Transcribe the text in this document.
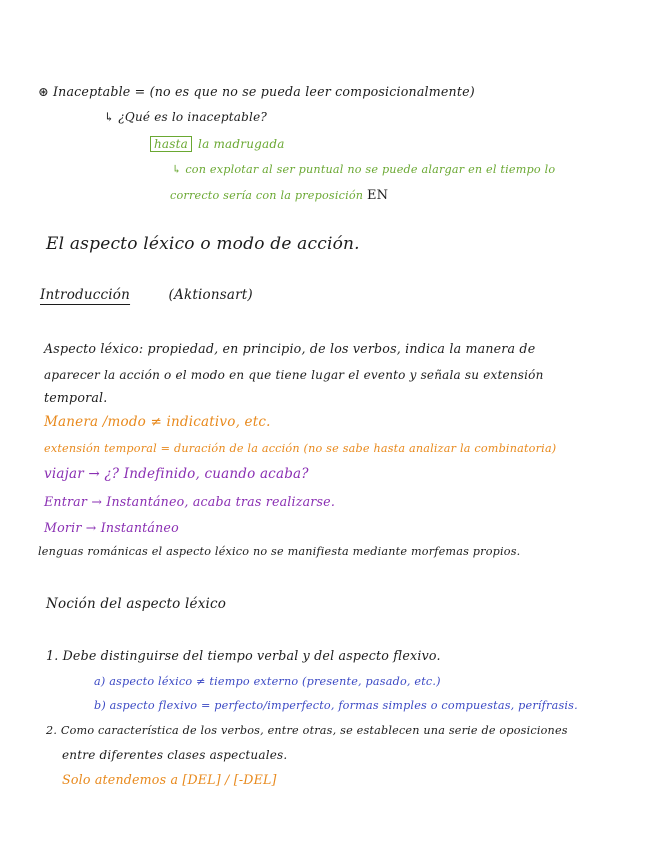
⊛ Inaceptable = (no es que no se pueda leer composicionalmente)
↳ ¿Qué es lo inaceptable?
hasta la madrugada
↳ con explotar al ser puntual no se puede alargar en el tiempo lo
correcto sería con la preposición EN
El aspecto léxico o modo de acción.
Introducción	(Aktionsart)
Aspecto léxico: propiedad, en principio, de los verbos, indica la manera de
aparecer la acción o el modo en que tiene lugar el evento y señala su extensión
temporal.
Manera /modo ≠ indicativo, etc.
extensión temporal = duración de la acción (no se sabe hasta analizar la combinatoria)
viajar → ¿? Indefinido, cuando acaba?
Entrar → Instantáneo, acaba tras realizarse.
Morir → Instantáneo
lenguas románicas el aspecto léxico no se manifiesta mediante morfemas propios.
Noción del aspecto léxico
1. Debe distinguirse del tiempo verbal y del aspecto flexivo.
a) aspecto léxico ≠ tiempo externo (presente, pasado, etc.)
b) aspecto flexivo = perfecto/imperfecto, formas simples o compuestas, perífrasis.
2. Como característica de los verbos, entre otras, se establecen una serie de oposiciones
entre diferentes clases aspectuales.
Solo atendemos a [DEL] / [-DEL]
